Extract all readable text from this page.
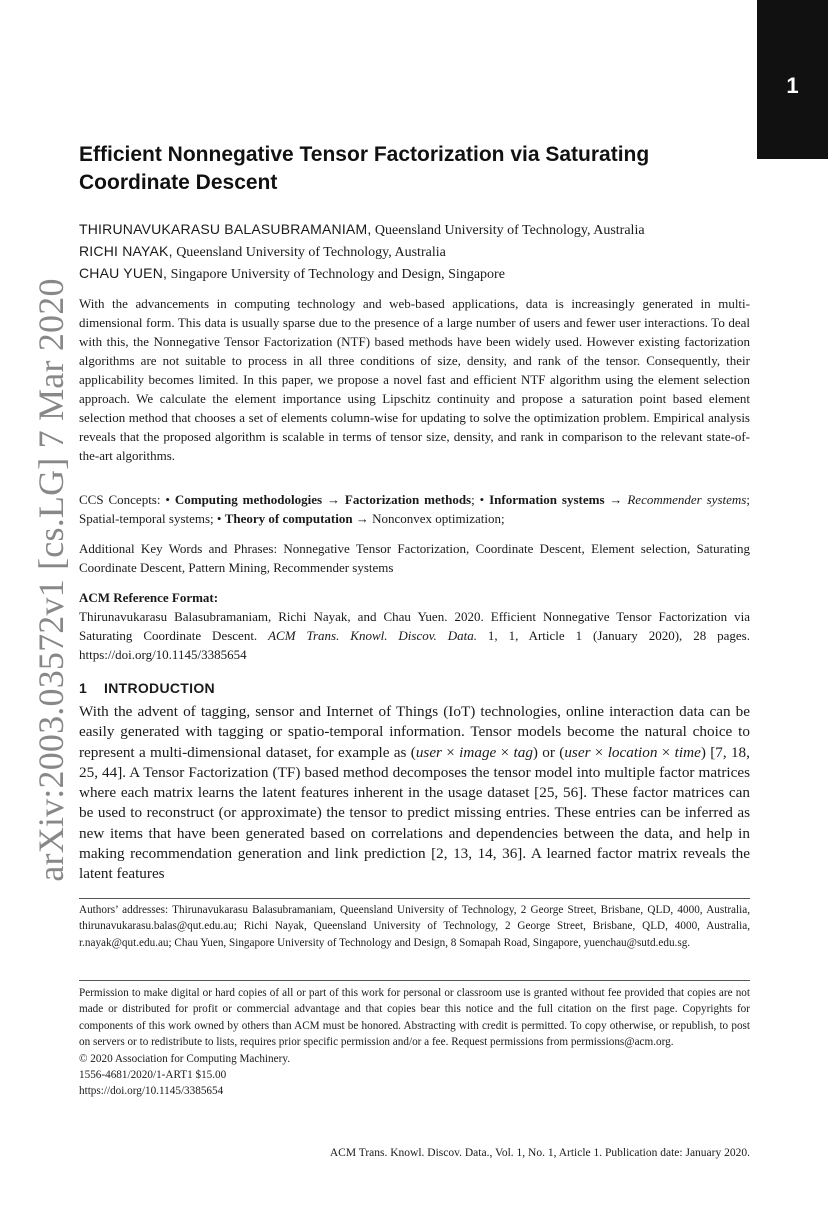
1
arXiv:2003.03572v1 [cs.LG] 7 Mar 2020
Efficient Nonnegative Tensor Factorization via Saturating Coordinate Descent
THIRUNAVUKARASU BALASUBRAMANIAM, Queensland University of Technology, Australia
RICHI NAYAK, Queensland University of Technology, Australia
CHAU YUEN, Singapore University of Technology and Design, Singapore

With the advancements in computing technology and web-based applications, data is increasingly generated in multi-dimensional form. This data is usually sparse due to the presence of a large number of users and fewer user interactions. To deal with this, the Nonnegative Tensor Factorization (NTF) based methods have been widely used. However existing factorization algorithms are not suitable to process in all three conditions of size, density, and rank of the tensor. Consequently, their applicability becomes limited. In this paper, we propose a novel fast and efficient NTF algorithm using the element selection approach. We calculate the element importance using Lipschitz continuity and propose a saturation point based element selection method that chooses a set of elements column-wise for updating to solve the optimization problem. Empirical analysis reveals that the proposed algorithm is scalable in terms of tensor size, density, and rank in comparison to the relevant state-of-the-art algorithms.

CCS Concepts: • Computing methodologies → Factorization methods; • Information systems → Recommender systems; Spatial-temporal systems; • Theory of computation → Nonconvex optimization;

Additional Key Words and Phrases: Nonnegative Tensor Factorization, Coordinate Descent, Element selection, Saturating Coordinate Descent, Pattern Mining, Recommender systems

ACM Reference Format:

Thirunavukarasu Balasubramaniam, Richi Nayak, and Chau Yuen. 2020. Efficient Nonnegative Tensor Factorization via Saturating Coordinate Descent. ACM Trans. Knowl. Discov. Data. 1, 1, Article 1 (January 2020), 28 pages. https://doi.org/10.1145/3385654

1 INTRODUCTION

With the advent of tagging, sensor and Internet of Things (IoT) technologies, online interaction data can be easily generated with tagging or spatio-temporal information. Tensor models become the natural choice to represent a multi-dimensional dataset, for example as (user × image × tag) or (user × location × time) [7, 18, 25, 44]. A Tensor Factorization (TF) based method decomposes the tensor model into multiple factor matrices where each matrix learns the latent features inherent in the usage dataset [25, 56]. These factor matrices can be used to reconstruct (or approximate) the tensor to predict missing entries. These entries can be inferred as new items that have been generated based on correlations and dependencies between the data, and help in making recommendation generation and link prediction [2, 13, 14, 36]. A learned factor matrix reveals the latent features

Authors’ addresses: Thirunavukarasu Balasubramaniam, Queensland University of Technology, 2 George Street, Brisbane, QLD, 4000, Australia, thirunavukarasu.balas@qut.edu.au; Richi Nayak, Queensland University of Technology, 2 George Street, Brisbane, QLD, 4000, Australia, r.nayak@qut.edu.au; Chau Yuen, Singapore University of Technology and Design, 8 Somapah Road, Singapore, yuenchau@sutd.edu.sg.

Permission to make digital or hard copies of all or part of this work for personal or classroom use is granted without fee provided that copies are not made or distributed for profit or commercial advantage and that copies bear this notice and the full citation on the first page. Copyrights for components of this work owned by others than ACM must be honored. Abstracting with credit is permitted. To copy otherwise, or republish, to post on servers or to redistribute to lists, requires prior specific permission and/or a fee. Request permissions from permissions@acm.org.
© 2020 Association for Computing Machinery.
1556-4681/2020/1-ART1 $15.00
https://doi.org/10.1145/3385654

ACM Trans. Knowl. Discov. Data., Vol. 1, No. 1, Article 1. Publication date: January 2020.
